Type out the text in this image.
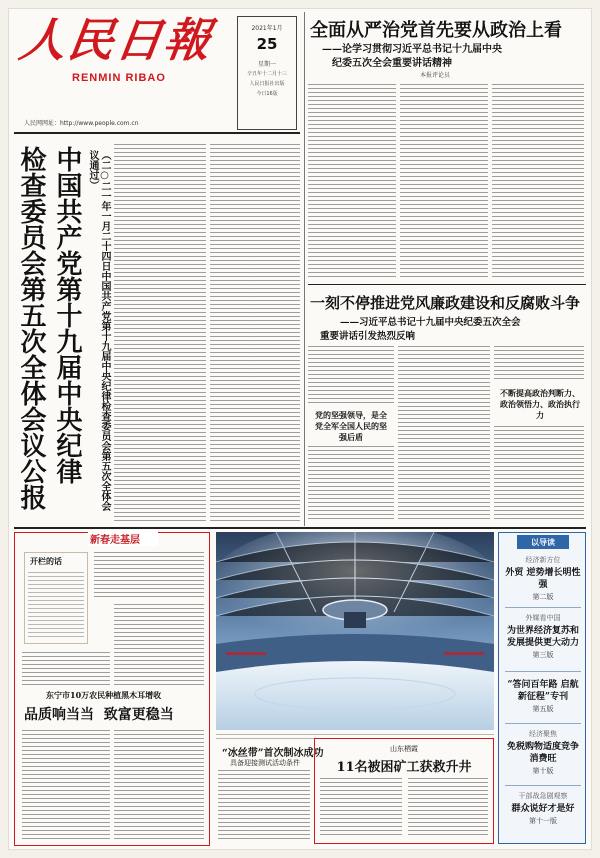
人民日報
RENMIN RIBAO
人民网网址：http://www.people.com.cn
2021年1月
25
星期一
辛丑年十二月十三
人民日报社出版
今日16版
全面从严治党首先要从政治上看
——论学习贯彻习近平总书记十九届中央
纪委五次全会重要讲话精神
本报评论员
中国共产党第十九届中央纪律
检查委员会第五次全体会议公报	（二○二一年一月二十四日中国共产党第十九届中央纪律检查委员会第五次全体会议通过）
一刻不停推进党风廉政建设和反腐败斗争
——习近平总书记十九届中央纪委五次全会
重要讲话引发热烈反响
党的坚强领导，是全党全军全国人民的坚强后盾
不断提高政治判断力、政治领悟力、政治执行力
新春走基层
开栏的话
东宁市10万农民种植黑木耳增收
品质响当当  致富更稳当
“冰丝带”首次制冰成功
具备迎接测试活动条件
山东栖霞
11名被困矿工获救升井
以导读
经济新方位
外贸 逆势增长明性强
第二版
外媒看中国
为世界经济复苏和发展提供更大动力
第三版
“答问百年路 启航新征程”专刊
第五版
经济聚焦
免税购物适度竞争消费旺
第十版
干部战急剧观察
群众说好才是好
第十一版
